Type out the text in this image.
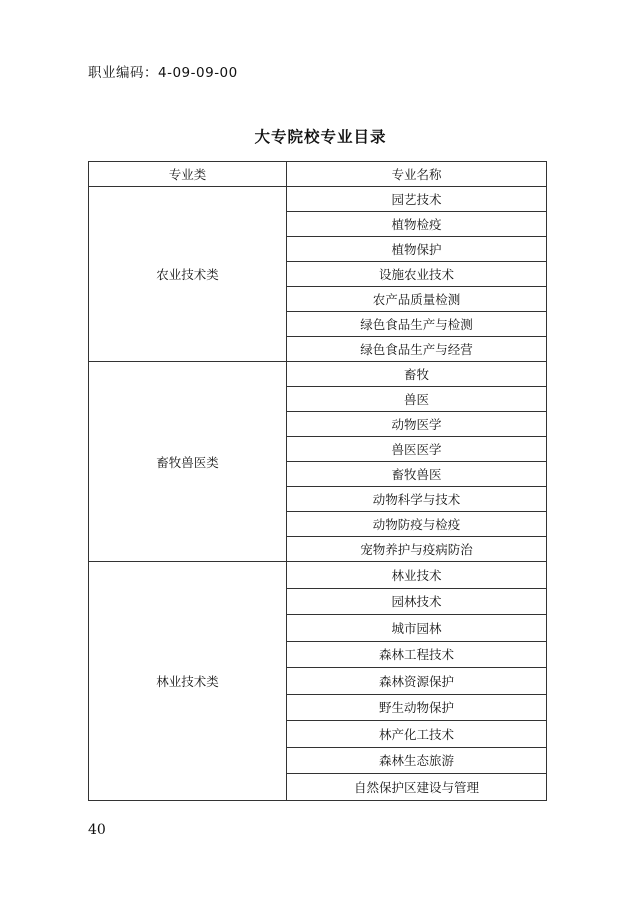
职业编码：4-09-09-00
大专院校专业目录
专业类	专业名称
农业技术类	园艺技术
	植物检疫
	植物保护
	设施农业技术
	农产品质量检测
	绿色食品生产与检测
	绿色食品生产与经营
畜牧兽医类	畜牧
	兽医
	动物医学
	兽医医学
	畜牧兽医
	动物科学与技术
	动物防疫与检疫
	宠物养护与疫病防治
林业技术类	林业技术
	园林技术
	城市园林
	森林工程技术
	森林资源保护
	野生动物保护
	林产化工技术
	森林生态旅游
	自然保护区建设与管理
40
